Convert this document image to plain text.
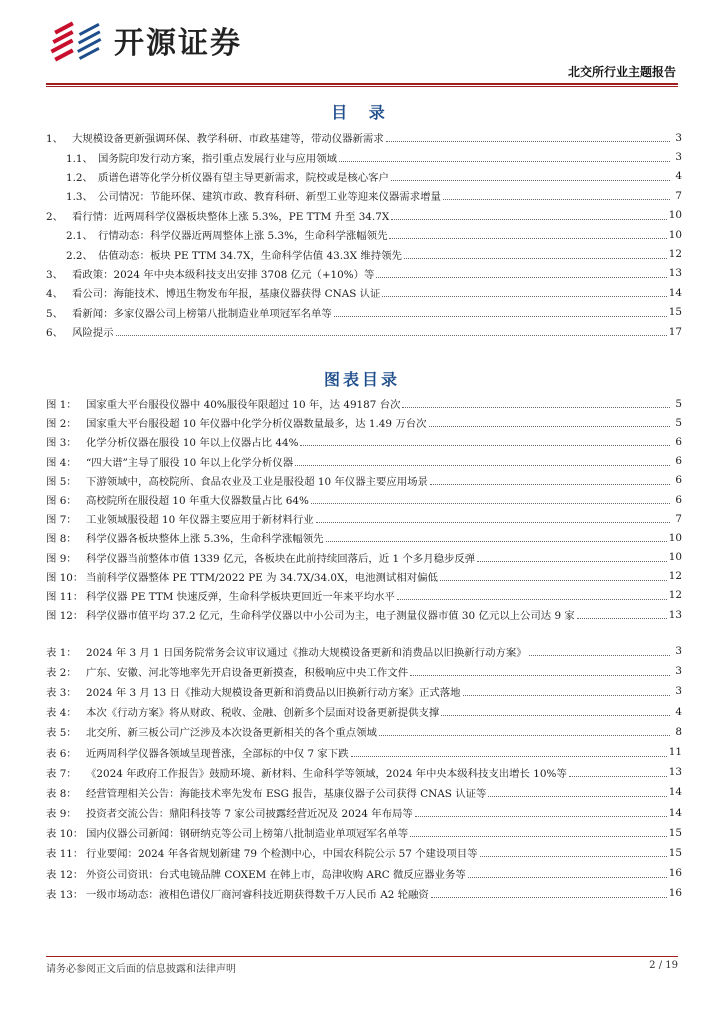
开源证券
北交所行业主题报告
目 录
1、 大规模设备更新强调环保、教学科研、市政基建等，带动仪器新需求	3
1.1、 国务院印发行动方案，指引重点发展行业与应用领域	3
1.2、 质谱色谱等化学分析仪器有望主导更新需求，院校或是核心客户	4
1.3、 公司情况：节能环保、建筑市政、教育科研、新型工业等迎来仪器需求增量	7
2、 看行情：近两周科学仪器板块整体上涨 5.3%，PE TTM 升至 34.7X	10
2.1、 行情动态：科学仪器近两周整体上涨 5.3%，生命科学涨幅领先	10
2.2、 估值动态：板块 PE TTM 34.7X，生命科学估值 43.3X 维持领先	12
3、 看政策：2024 年中央本级科技支出安排 3708 亿元（+10%）等	13
4、 看公司：海能技术、博迅生物发布年报，基康仪器获得 CNAS 认证	14
5、 看新闻：多家仪器公司上榜第八批制造业单项冠军名单等	15
6、 风险提示	17
图表目录
图 1： 国家重大平台服役仪器中 40%服役年限超过 10 年，达 49187 台次	5
图 2： 国家重大平台服役超 10 年仪器中化学分析仪器数量最多，达 1.49 万台次	5
图 3： 化学分析仪器在服役 10 年以上仪器占比 44%	6
图 4： “四大谱”主导了服役 10 年以上化学分析仪器	6
图 5： 下游领域中，高校院所、食品农业及工业是服役超 10 年仪器主要应用场景	6
图 6： 高校院所在服役超 10 年重大仪器数量占比 64%	6
图 7： 工业领域服役超 10 年仪器主要应用于新材料行业	7
图 8： 科学仪器各板块整体上涨 5.3%，生命科学涨幅领先	10
图 9： 科学仪器当前整体市值 1339 亿元，各板块在此前持续回落后，近 1 个多月稳步反弹	10
图 10： 当前科学仪器整体 PE TTM/2022 PE 为 34.7X/34.0X，电池测试相对偏低	12
图 11： 科学仪器 PE TTM 快速反弹，生命科学板块更回近一年来平均水平	12
图 12： 科学仪器市值平均 37.2 亿元，生命科学仪器以中小公司为主，电子测量仪器市值 30 亿元以上公司达 9 家	13
表 1： 2024 年 3 月 1 日国务院常务会议审议通过《推动大规模设备更新和消费品以旧换新行动方案》	3
表 2： 广东、安徽、河北等地率先开启设备更新摸查，积极响应中央工作文件	3
表 3： 2024 年 3 月 13 日《推动大规模设备更新和消费品以旧换新行动方案》正式落地	3
表 4： 本次《行动方案》将从财政、税收、金融、创新多个层面对设备更新提供支撑	4
表 5： 北交所、新三板公司广泛涉及本次设备更新相关的各个重点领域	8
表 6： 近两周科学仪器各领域呈现普涨，全部标的中仅 7 家下跌	11
表 7： 《2024 年政府工作报告》鼓励环境、新材料、生命科学等领域，2024 年中央本级科技支出增长 10%等	13
表 8： 经营管理相关公告：海能技术率先发布 ESG 报告，基康仪器子公司获得 CNAS 认证等	14
表 9： 投资者交流公告：鼎阳科技等 7 家公司披露经营近况及 2024 年布局等	14
表 10： 国内仪器公司新闻：钢研纳克等公司上榜第八批制造业单项冠军名单等	15
表 11： 行业要闻：2024 年各省规划新建 79 个检测中心，中国农科院公示 57 个建设项目等	15
表 12： 外资公司资讯：台式电镜品牌 COXEM 在韩上市，岛津收购 ARC 微反应器业务等	16
表 13： 一级市场动态：液相色谱仪厂商河睿科技近期获得数千万人民币 A2 轮融资	16
请务必参阅正文后面的信息披露和法律声明	2 / 19
